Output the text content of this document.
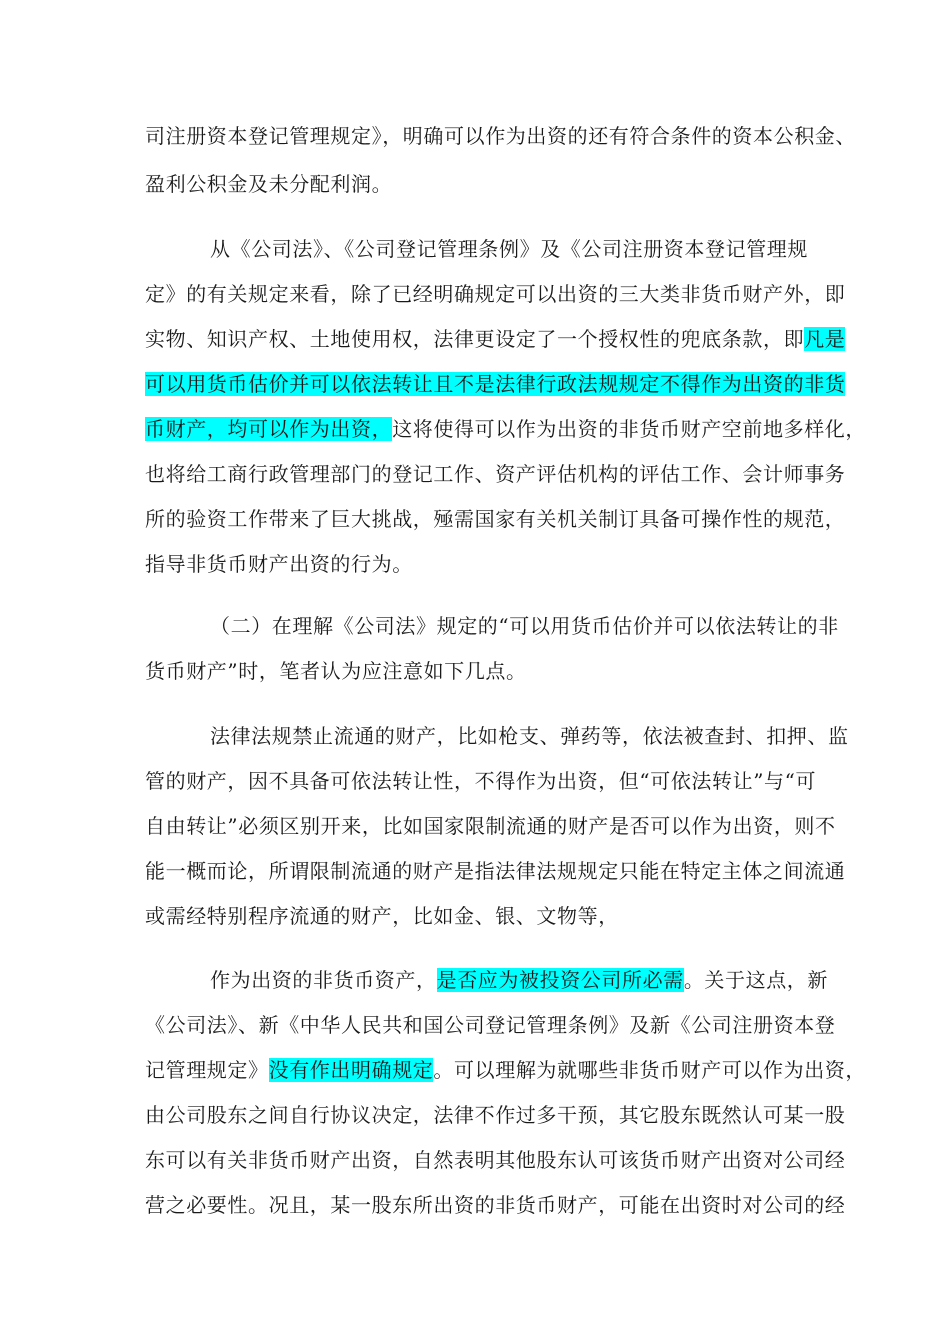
司注册资本登记管理规定》，明确可以作为出资的还有符合条件的资本公积金、
盈利公积金及未分配利润。
从《公司法》、《公司登记管理条例》及《公司注册资本登记管理规
定》的有关规定来看，除了已经明确规定可以出资的三大类非货币财产外，即
实物、知识产权、土地使用权，法律更设定了一个授权性的兜底条款，即凡是
可以用货币估价并可以依法转让且不是法律行政法规规定不得作为出资的非货
币财产，均可以作为出资，这将使得可以作为出资的非货币财产空前地多样化，
也将给工商行政管理部门的登记工作、资产评估机构的评估工作、会计师事务
所的验资工作带来了巨大挑战，殛需国家有关机关制订具备可操作性的规范，
指导非货币财产出资的行为。
（二）在理解《公司法》规定的“可以用货币估价并可以依法转让的非
货币财产”时，笔者认为应注意如下几点。
法律法规禁止流通的财产，比如枪支、弹药等，依法被查封、扣押、监
管的财产，因不具备可依法转让性，不得作为出资，但“可依法转让”与“可
自由转让”必须区别开来，比如国家限制流通的财产是否可以作为出资，则不
能一概而论，所谓限制流通的财产是指法律法规规定只能在特定主体之间流通
或需经特别程序流通的财产，比如金、银、文物等，
作为出资的非货币资产，是否应为被投资公司所必需。关于这点，新
《公司法》、新《中华人民共和国公司登记管理条例》及新《公司注册资本登
记管理规定》没有作出明确规定。可以理解为就哪些非货币财产可以作为出资，
由公司股东之间自行协议决定，法律不作过多干预，其它股东既然认可某一股
东可以有关非货币财产出资，自然表明其他股东认可该货币财产出资对公司经
营之必要性。况且，某一股东所出资的非货币财产，可能在出资时对公司的经
